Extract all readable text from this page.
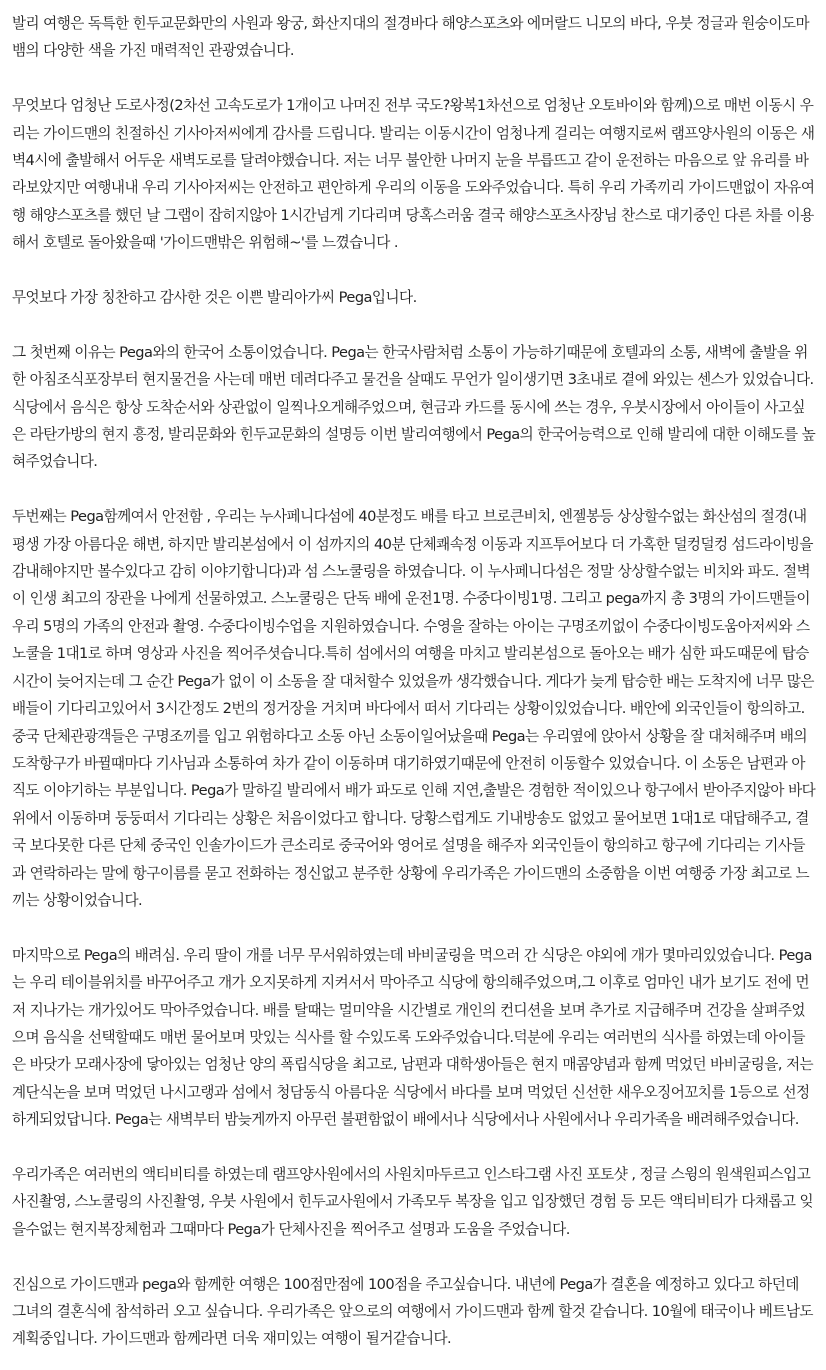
발리 여행은 독특한 힌두교문화만의 사원과 왕궁, 화산지대의 절경바다 해양스포츠와 에머랄드 니모의 바다, 우붓 정글과 원숭이도마뱀의 다양한 색을 가진 매력적인 관광였습니다.

무엇보다 엄청난 도로사정(2차선 고속도로가 1개이고 나머진 전부 국도?왕복1차선으로 엄청난 오토바이와 함께)으로 매번 이동시 우리는 가이드맨의 친절하신 기사아저씨에게 감사를 드립니다. 발리는 이동시간이 엄청나게 걸리는 여행지로써 램프양사원의 이동은 새벽4시에 출발해서 어두운 새벽도로를 달려야했습니다. 저는 너무 불안한 나머지 눈을 부릅뜨고 같이 운전하는 마음으로 앞 유리를 바라보았지만 여행내내 우리 기사아저씨는 안전하고 편안하게 우리의 이동을 도와주었습니다. 특히 우리 가족끼리 가이드맨없이 자유여행 해양스포츠를 했던 날 그랩이 잡히지않아 1시간넘게 기다리며 당혹스러움 결국 해양스포츠사장님 찬스로 대기중인 다른 차를 이용해서 호텔로 돌아왔을때 '가이드맨밖은 위험해~'를 느꼈습니다 .

무엇보다 가장 칭찬하고 감사한 것은 이쁜 발리아가씨 Pega입니다.

그 첫번째 이유는 Pega와의 한국어 소통이었습니다. Pega는 한국사람처럼 소통이 가능하기때문에 호텔과의 소통, 새벽에 출발을 위한 아침조식포장부터 현지물건을 사는데 매번 데려다주고 물건을 살때도 무언가 일이생기면 3초내로 곁에 와있는 센스가 있었습니다. 식당에서 음식은 항상 도착순서와 상관없이 일찍나오게해주었으며, 현금과 카드를 동시에 쓰는 경우, 우붓시장에서 아이들이 사고싶은 라탄가방의 현지 흥정, 발리문화와 힌두교문화의 설명등 이번 발리여행에서 Pega의 한국어능력으로 인해 발리에 대한 이해도를 높혀주었습니다.

두번째는 Pega함께여서 안전함 , 우리는 누사페니다섬에 40분정도 배를 타고 브로큰비치, 엔젤봉등 상상할수없는 화산섬의 절경(내 평생 가장 아름다운 해변, 하지만 발리본섬에서 이 섬까지의 40분 단체쾌속정 이동과 지프투어보다 더 가혹한 덜컹덜컹 섬드라이빙을 감내해야지만 볼수있다고 감히 이야기합니다)과 섬 스노쿨링을 하였습니다. 이 누사페니다섬은 정말 상상할수없는 비치와 파도. 절벽이 인생 최고의 장관을 나에게 선물하였고. 스노쿨링은 단독 배에 운전1명. 수중다이빙1명. 그리고 pega까지 총 3명의 가이드맨들이 우리 5명의 가족의 안전과 촬영. 수중다이빙수업을 지원하였습니다. 수영을 잘하는 아이는 구명조끼없이 수중다이빙도움아저씨와 스노쿨을 1대1로 하며 영상과 사진을 찍어주셧습니다.특히 섬에서의 여행을 마치고 발리본섬으로 돌아오는 배가 심한 파도때문에 탑승시간이 늦어지는데 그 순간 Pega가 없이 이 소동을 잘 대처할수 있었을까 생각했습니다. 게다가 늦게 탑승한 배는 도착지에 너무 많은 배들이 기다리고있어서 3시간정도 2번의 정거장을 거치며 바다에서 떠서 기다리는 상황이있었습니다. 배안에 외국인들이 항의하고. 중국 단체관광객들은 구명조끼를 입고 위험하다고 소동 아닌 소동이일어났을때 Pega는 우리옆에 앉아서 상황을 잘 대처해주며 배의 도착항구가 바뀔때마다 기사님과 소통하여 차가 같이 이동하며 대기하였기때문에 안전히 이동할수 있었습니다. 이 소동은 남편과 아직도 이야기하는 부분입니다. Pega가 말하길 발리에서 배가 파도로 인해 지연,출발은 경험한 적이있으나 항구에서 받아주지않아 바다위에서 이동하며 둥둥떠서 기다리는 상황은 처음이었다고 합니다. 당황스럽게도 기내방송도 없었고 물어보면 1대1로 대답해주고, 결국 보다못한 다른 단체 중국인 인솔가이드가 큰소리로 중국어와 영어로 설명을 해주자 외국인들이 항의하고 항구에 기다리는 기사들과 연락하라는 말에 항구이름를 묻고 전화하는 정신없고 분주한 상황에 우리가족은 가이드맨의 소중함을 이번 여행중 가장 최고로 느끼는 상황이었습니다.

마지막으로 Pega의 배려심. 우리 딸이 개를 너무 무서워하였는데 바비굴링을 먹으러 간 식당은 야외에 개가 몇마리있었습니다. Pega는 우리 테이블위치를 바꾸어주고 개가 오지못하게 지켜서서 막아주고 식당에 항의해주었으며,그 이후로 엄마인 내가 보기도 전에 먼저 지나가는 개가있어도 막아주었습니다. 배를 탈때는 멀미약을 시간별로 개인의 컨디션을 보며 추가로 지급해주며 건강을 살펴주었으며 음식을 선택할때도 매번 물어보며 맛있는 식사를 할 수있도록 도와주었습니다.덕분에 우리는 여러번의 식사를 하였는데 아이들은 바닷가 모래사장에 닿아있는 엄청난 양의 폭립식당을 최고로, 남편과 대학생아들은 현지 매콤양념과 함께 먹었던 바비굴링을, 저는 계단식논을 보며 먹었던 나시고랭과 섬에서 청담동식 아름다운 식당에서 바다를 보며 먹었던 신선한 새우오징어꼬치를 1등으로 선정하게되었답니다. Pega는 새벽부터 밤늦게까지 아무런 불편함없이 배에서나 식당에서나 사원에서나 우리가족을 배려해주었습니다.

우리가족은 여러번의 액티비티를 하였는데 램프양사원에서의 사원치마두르고 인스타그램 사진 포토샷 , 정글 스윙의 원색원피스입고 사진촬영, 스노쿨링의 사진촬영, 우붓 사원에서 힌두교사원에서 가족모두 복장을 입고 입장했던 경험 등 모든 액티비티가 다채롭고 잊을수없는 현지복장체험과 그때마다 Pega가 단체사진을 찍어주고 설명과 도움을 주었습니다.

진심으로 가이드맨과 pega와 함께한 여행은 100점만점에 100점을 주고싶습니다. 내년에 Pega가 결혼을 예정하고 있다고 하던데 그녀의 결혼식에 참석하러 오고 싶습니다. 우리가족은 앞으로의 여행에서 가이드맨과 함께 할것 같습니다. 10월에 태국이나 베트남도 계획중입니다. 가이드맨과 함께라면 더욱 재미있는 여행이 될거같습니다.
